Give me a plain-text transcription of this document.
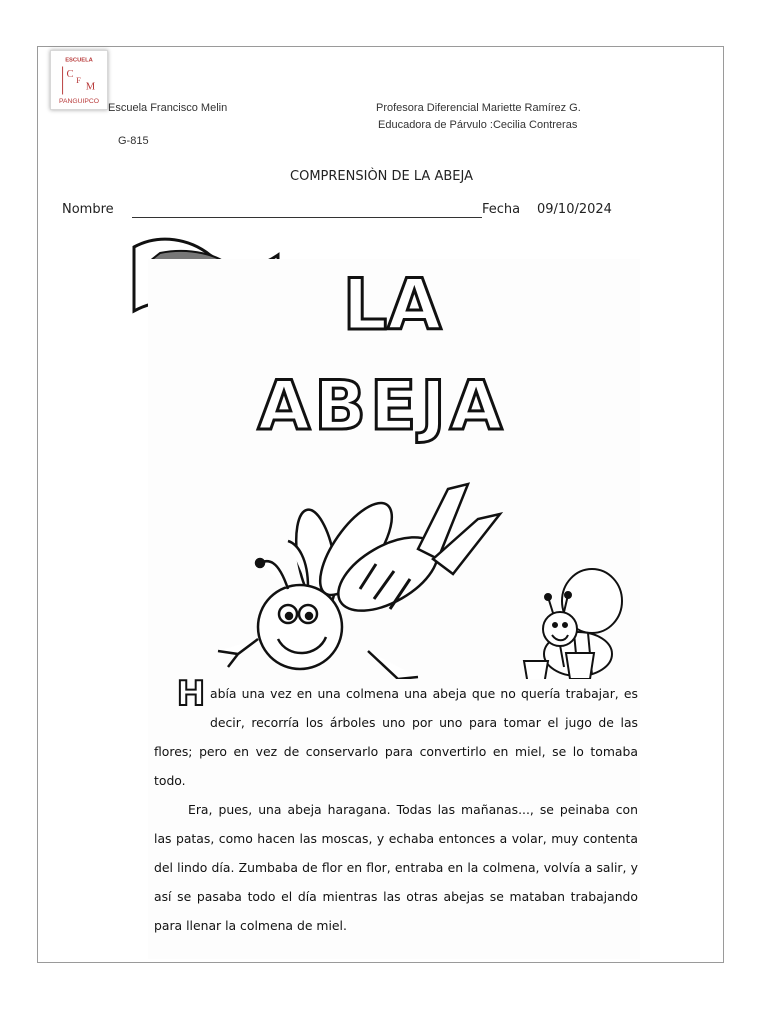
ESCUELA
C F
M
PANGUIPCO
Escuela Francisco Melin
G-815
Profesora Diferencial Mariette Ramírez G.
Educadora de Párvulo :Cecilia Contreras
COMPRENSIÒN DE LA ABEJA
Nombre	Fecha 09/10/2024
LA
ABEJA

Había una vez en una colmena una abeja que no quería trabajar, es decir, recorría los árboles uno por uno para tomar el jugo de las flores; pero en vez de conservarlo para convertirlo en miel, se lo tomaba todo.

Era, pues, una abeja haragana. Todas las mañanas..., se peinaba con las patas, como hacen las moscas, y echaba entonces a volar, muy contenta del lindo día. Zumbaba de flor en flor, entraba en la colmena, volvía a salir, y así se pasaba todo el día mientras las otras abejas se mataban trabajando para llenar la colmena de miel.
